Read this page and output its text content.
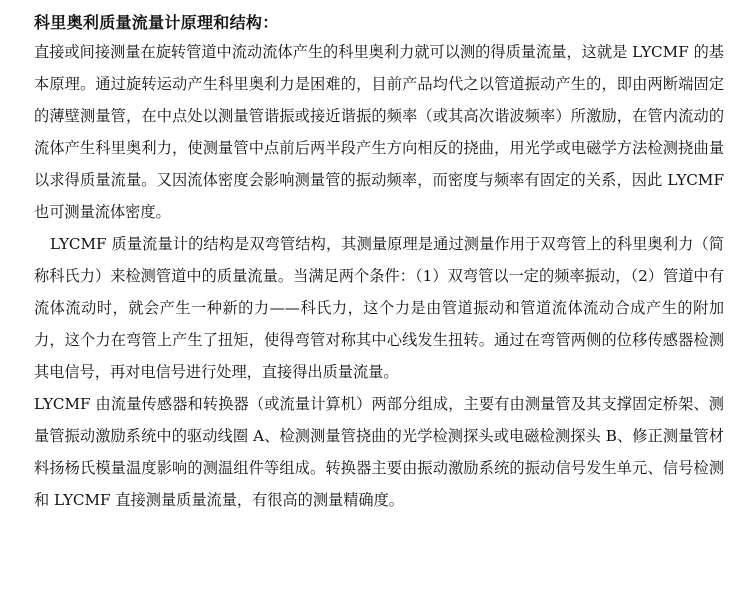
科里奥利质量流量计原理和结构：

直接或间接测量在旋转管道中流动流体产生的科里奥利力就可以测的得质量流量，这就是 LYCMF 的基本原理。通过旋转运动产生科里奥利力是困难的，目前产品均代之以管道振动产生的，即由两断端固定的薄壁测量管，在中点处以测量管谐振或接近谐振的频率（或其高次谐波频率）所激励，在管内流动的流体产生科里奥利力，使测量管中点前后两半段产生方向相反的挠曲，用光学或电磁学方法检测挠曲量以求得质量流量。又因流体密度会影响测量管的振动频率，而密度与频率有固定的关系，因此 LYCMF 也可测量流体密度。

LYCMF 质量流量计的结构是双弯管结构，其测量原理是通过测量作用于双弯管上的科里奥利力（简称科氏力）来检测管道中的质量流量。当满足两个条件：（1）双弯管以一定的频率振动，（2）管道中有流体流动时，就会产生一种新的力——科氏力，这个力是由管道振动和管道流体流动合成产生的附加力，这个力在弯管上产生了扭矩，使得弯管对称其中心线发生扭转。通过在弯管两侧的位移传感器检测其电信号，再对电信号进行处理，直接得出质量流量。

LYCMF 由流量传感器和转换器（或流量计算机）两部分组成，主要有由测量管及其支撑固定桥架、测量管振动激励系统中的驱动线圈 A、检测测量管挠曲的光学检测探头或电磁检测探头 B、修正测量管材料扬杨氏模量温度影响的测温组件等组成。转换器主要由振动激励系统的振动信号发生单元、信号检测和 LYCMF 直接测量质量流量，有很高的测量精确度。
